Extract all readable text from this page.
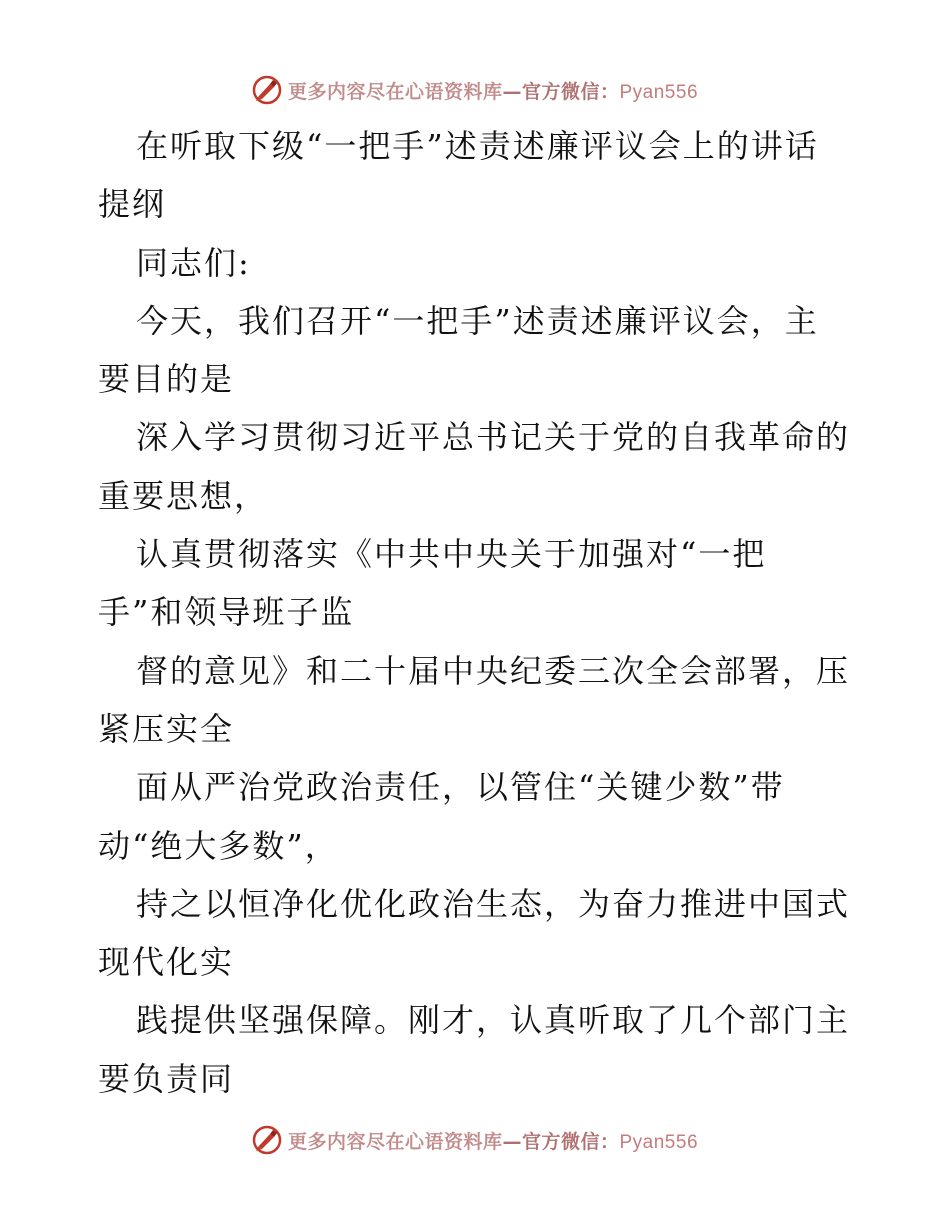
更多内容尽在心语资料库—官方微信：Pyan556
在听取下级“一把手”述责述廉评议会上的讲话
提纲
同志们:
今天，我们召开“一把手”述责述廉评议会，主
要目的是
深入学习贯彻习近平总书记关于党的自我革命的
重要思想，
认真贯彻落实《中共中央关于加强对“一把
手”和领导班子监
督的意见》和二十届中央纪委三次全会部署，压
紧压实全
面从严治党政治责任，以管住“关键少数”带
动“绝大多数”，
持之以恒净化优化政治生态，为奋力推进中国式
现代化实
践提供坚强保障。刚才，认真听取了几个部门主
要负责同
更多内容尽在心语资料库—官方微信：Pyan556
